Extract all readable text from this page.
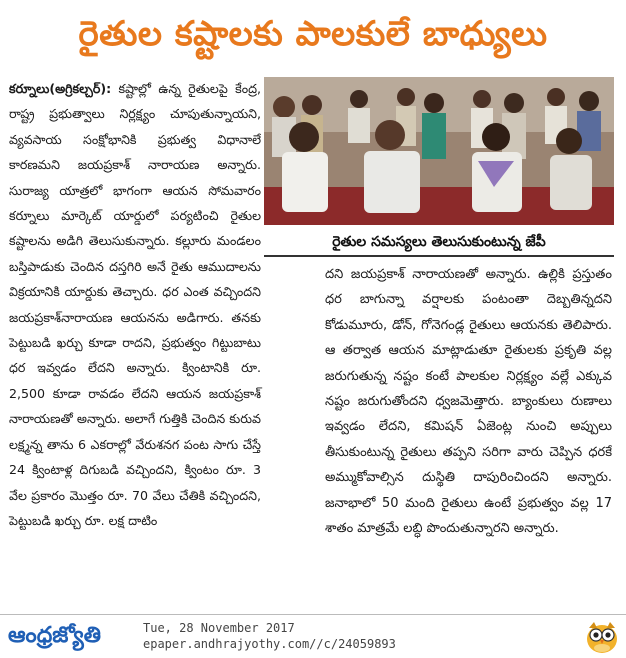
రైతుల కష్టాలకు పాలకులే బాధ్యులు

కర్నూలు(అగ్రికల్చర్): కష్టాల్లో ఉన్న రైతులపై కేంద్ర, రాష్ట్ర ప్రభుత్వాలు నిర్లక్ష్యం చూపుతున్నాయని, వ్యవసాయ సంక్షోభానికి ప్రభుత్వ విధానాలే కారణమని జయప్రకాశ్ నారాయణ అన్నారు. సురాజ్య యాత్రలో భాగంగా ఆయన సోమవారం కర్నూలు మార్కెట్ యార్డులో పర్యటించి రైతుల కష్టాలను అడిగి తెలుసుకున్నారు. కల్లూరు మండలం బస్తిపాడుకు చెందిన దస్తగిరి అనే రైతు ఆముదాలను విక్రయానికి యార్డుకు తెచ్చారు. ధర ఎంత వచ్చిందని జయప్రకాశ్‌నారాయణ ఆయనను అడిగారు. తనకు పెట్టుబడి ఖర్చు కూడా రాదని, ప్రభుత్వం గిట్టుబాటు ధర ఇవ్వడం లేదని అన్నారు. క్వింటానికి రూ. 2,500 కూడా రావడం లేదని ఆయన జయప్రకాశ్ నారాయణతో అన్నారు. అలాగే గుత్తికి చెందిన కురువ లక్ష్మన్న తాను 6 ఎకరాల్లో వేరుశనగ పంట సాగు చేస్తే 24 క్వింటాళ్ల దిగుబడి వచ్చిందని, క్వింటం రూ. 3 వేల ప్రకారం మొత్తం రూ. 70 వేలు చేతికి వచ్చిందని, పెట్టుబడి ఖర్చు రూ. లక్ష దాటిం

రైతుల సమస్యలు తెలుసుకుంటున్న జేపీ

దని జయప్రకాశ్ నారాయణతో అన్నారు. ఉల్లికి ప్రస్తుతం ధర బాగున్నా వర్షాలకు పంటంతా దెబ్బతిన్నదని కోడుమూరు, డోన్, గోనెగండ్ల రైతులు ఆయనకు తెలిపారు. ఆ తర్వాత ఆయన మాట్లాడుతూ రైతులకు ప్రకృతి వల్ల జరుగుతున్న నష్టం కంటే పాలకుల నిర్లక్ష్యం వల్లే ఎక్కువ నష్టం జరుగుతోందని ధ్వజమెత్తారు. బ్యాంకులు రుణాలు ఇవ్వడం లేదని, కమిషన్ ఏజెంట్ల నుంచి అప్పులు తీసుకుంటున్న రైతులు తప్పని సరిగా వారు చెప్పిన ధరకే అమ్ముకోవాల్సిన దుస్థితి దాపురించిందని అన్నారు. జనాభాలో 50 మంది రైతులు ఉంటే ప్రభుత్వం వల్ల 17 శాతం మాత్రమే లబ్ధి పొందుతున్నారని అన్నారు.

ఆంధ్రజ్యోతి	Tue, 28 November 2017
epaper.andhrajyothy.com//c/24059893
